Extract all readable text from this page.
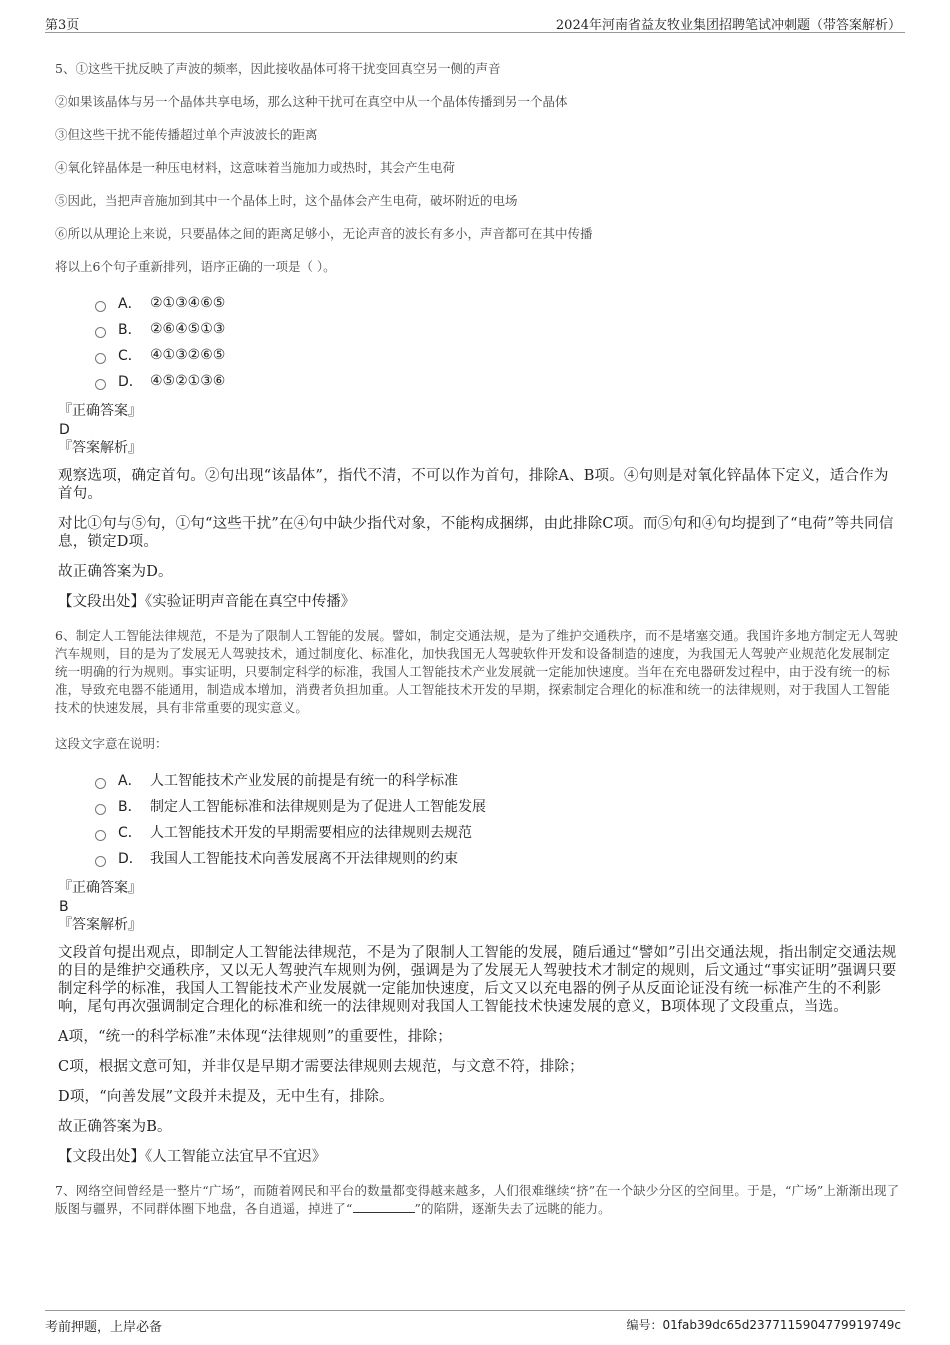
第3页	2024年河南省益友牧业集团招聘笔试冲刺题（带答案解析）

5、①这些干扰反映了声波的频率，因此接收晶体可将干扰变回真空另一侧的声音

②如果该晶体与另一个晶体共享电场，那么这种干扰可在真空中从一个晶体传播到另一个晶体

③但这些干扰不能传播超过单个声波波长的距离

④氧化锌晶体是一种压电材料，这意味着当施加力或热时，其会产生电荷

⑤因此，当把声音施加到其中一个晶体上时，这个晶体会产生电荷，破坏附近的电场

⑥所以从理论上来说，只要晶体之间的距离足够小，无论声音的波长有多小，声音都可在其中传播

将以上6个句子重新排列，语序正确的一项是（ ）。

A． ②①③④⑥⑤
B． ②⑥④⑤①③
C． ④①③②⑥⑤
D． ④⑤②①③⑥
『正确答案』
D
『答案解析』

观察选项，确定首句。②句出现“该晶体”，指代不清，不可以作为首句，排除A、B项。④句则是对氧化锌晶体下定义，适合作为首句。

对比①句与⑤句，①句“这些干扰”在④句中缺少指代对象，不能构成捆绑，由此排除C项。而⑤句和④句均提到了“电荷”等共同信息，锁定D项。

故正确答案为D。

【文段出处】《实验证明声音能在真空中传播》

6、制定人工智能法律规范，不是为了限制人工智能的发展。譬如，制定交通法规，是为了维护交通秩序，而不是堵塞交通。我国许多地方制定无人驾驶汽车规则，目的是为了发展无人驾驶技术，通过制度化、标准化，加快我国无人驾驶软件开发和设备制造的速度，为我国无人驾驶产业规范化发展制定统一明确的行为规则。事实证明，只要制定科学的标准，我国人工智能技术产业发展就一定能加快速度。当年在充电器研发过程中，由于没有统一的标准，导致充电器不能通用，制造成本增加，消费者负担加重。人工智能技术开发的早期，探索制定合理化的标准和统一的法律规则，对于我国人工智能技术的快速发展，具有非常重要的现实意义。

这段文字意在说明：

A． 人工智能技术产业发展的前提是有统一的科学标准
B． 制定人工智能标准和法律规则是为了促进人工智能发展
C． 人工智能技术开发的早期需要相应的法律规则去规范
D． 我国人工智能技术向善发展离不开法律规则的约束
『正确答案』
B
『答案解析』

文段首句提出观点，即制定人工智能法律规范，不是为了限制人工智能的发展，随后通过“譬如”引出交通法规，指出制定交通法规的目的是维护交通秩序，又以无人驾驶汽车规则为例，强调是为了发展无人驾驶技术才制定的规则，后文通过“事实证明”强调只要制定科学的标准，我国人工智能技术产业发展就一定能加快速度，后文又以充电器的例子从反面论证没有统一标准产生的不利影响，尾句再次强调制定合理化的标准和统一的法律规则对我国人工智能技术快速发展的意义，B项体现了文段重点，当选。

A项，“统一的科学标准”未体现“法律规则”的重要性，排除；

C项，根据文意可知，并非仅是早期才需要法律规则去规范，与文意不符，排除；

D项，“向善发展”文段并未提及，无中生有，排除。

故正确答案为B。

【文段出处】《人工智能立法宜早不宜迟》

7、网络空间曾经是一整片“广场”，而随着网民和平台的数量都变得越来越多，人们很难继续“挤”在一个缺少分区的空间里。于是，“广场”上渐渐出现了版图与疆界，不同群体圈下地盘，各自逍遥，掉进了“	”的陷阱，逐渐失去了远眺的能力。

考前押题，上岸必备	编号：01fab39dc65d2377115904779919749c
